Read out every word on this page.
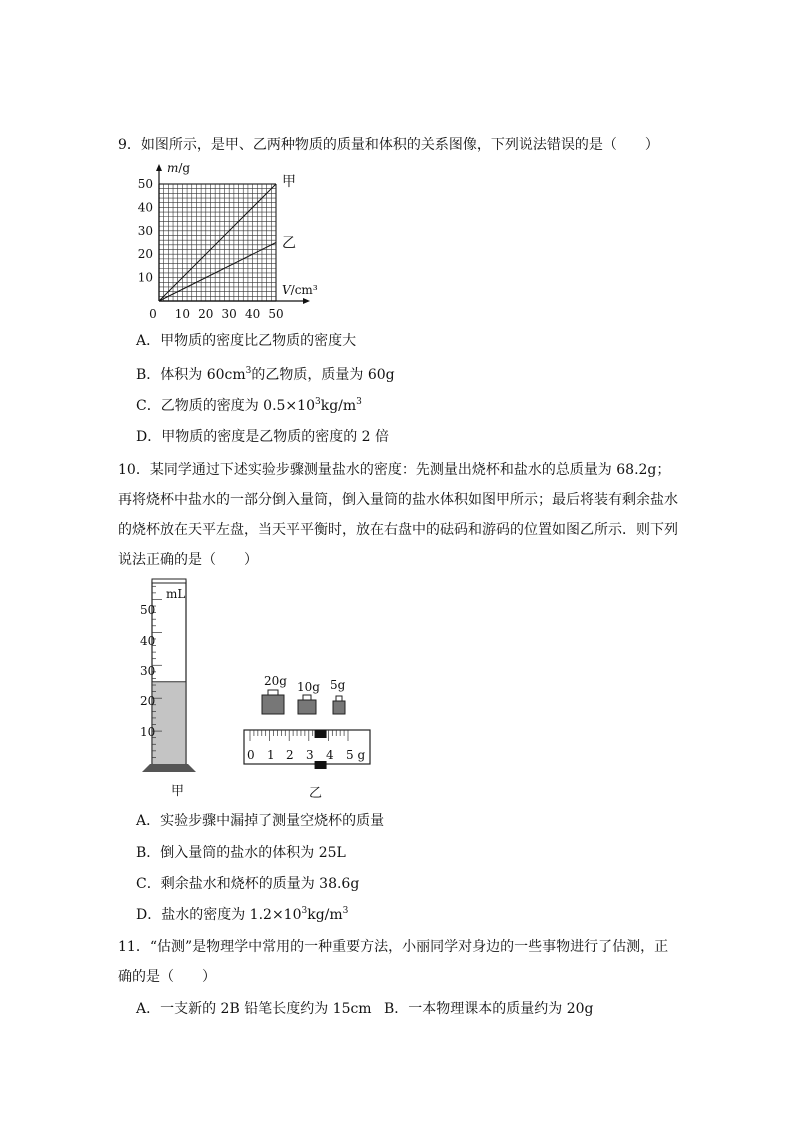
9．如图所示，是甲、乙两种物质的质量和体积的关系图像，下列说法错误的是（　　）
甲
乙
10 20 30 40 50
10
20
30
40
50
0
m/g
V/cm³
A．甲物质的密度比乙物质的密度大
B．体积为 $60cm^3$的乙物质，质量为 60g
C．乙物质的密度为 $0.5\times 10^3kg/m^3$
D．甲物质的密度是乙物质的密度的 2 倍
10．某同学通过下述实验步骤测量盐水的密度：先测量出烧杯和盐水的总质量为 68.2g；再将烧杯中盐水的一部分倒入量筒，倒入量筒的盐水体积如图甲所示；最后将装有剩余盐水的烧杯放在天平左盘，当天平平衡时，放在右盘中的砝码和游码的位置如图乙所示．则下列说法正确的是（　　）
mL
50
40
30
20
10
甲
20g 10g 5g
0 1 2 3 4 5 g
乙
A．实验步骤中漏掉了测量空烧杯的质量
B．倒入量筒的盐水的体积为 25L
C．剩余盐水和烧杯的质量为 38.6g
D．盐水的密度为 $1.2\times 10^3kg/m^3$
11．“估测”是物理学中常用的一种重要方法，小丽同学对身边的一些事物进行了估测，正确的是（　　）
A．一支新的 2B 铅笔长度约为 15cm B．一本物理课本的质量约为 20g
